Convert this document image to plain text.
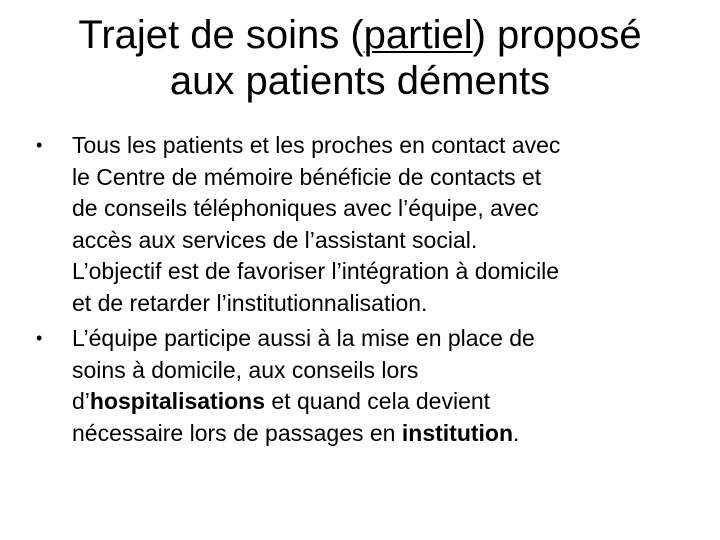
Trajet de soins (partiel) proposé
aux patients déments
• Tous les patients et les proches en contact avec
le Centre de mémoire bénéficie de contacts et
de conseils téléphoniques avec l’équipe, avec
accès aux services de l’assistant social.
L’objectif est de favoriser l’intégration à domicile
et de retarder l’institutionnalisation.
• L’équipe participe aussi à la mise en place de
soins à domicile, aux conseils lors
d’hospitalisations et quand cela devient
nécessaire lors de passages en institution.
